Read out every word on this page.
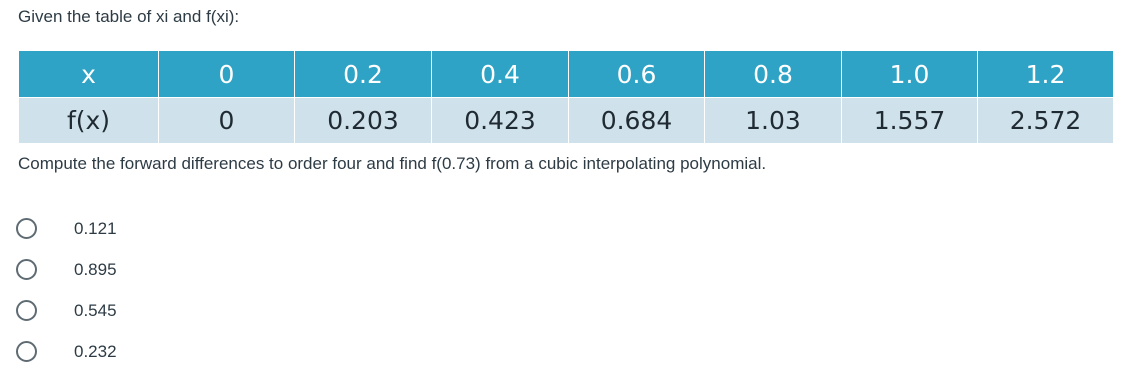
Given the table of xi and f(xi):
x	0	0.2	0.4	0.6	0.8	1.0	1.2
f(x)	0	0.203	0.423	0.684	1.03	1.557	2.572
Compute the forward differences to order four and find f(0.73) from a cubic interpolating polynomial.
0.121
0.895
0.545
0.232
